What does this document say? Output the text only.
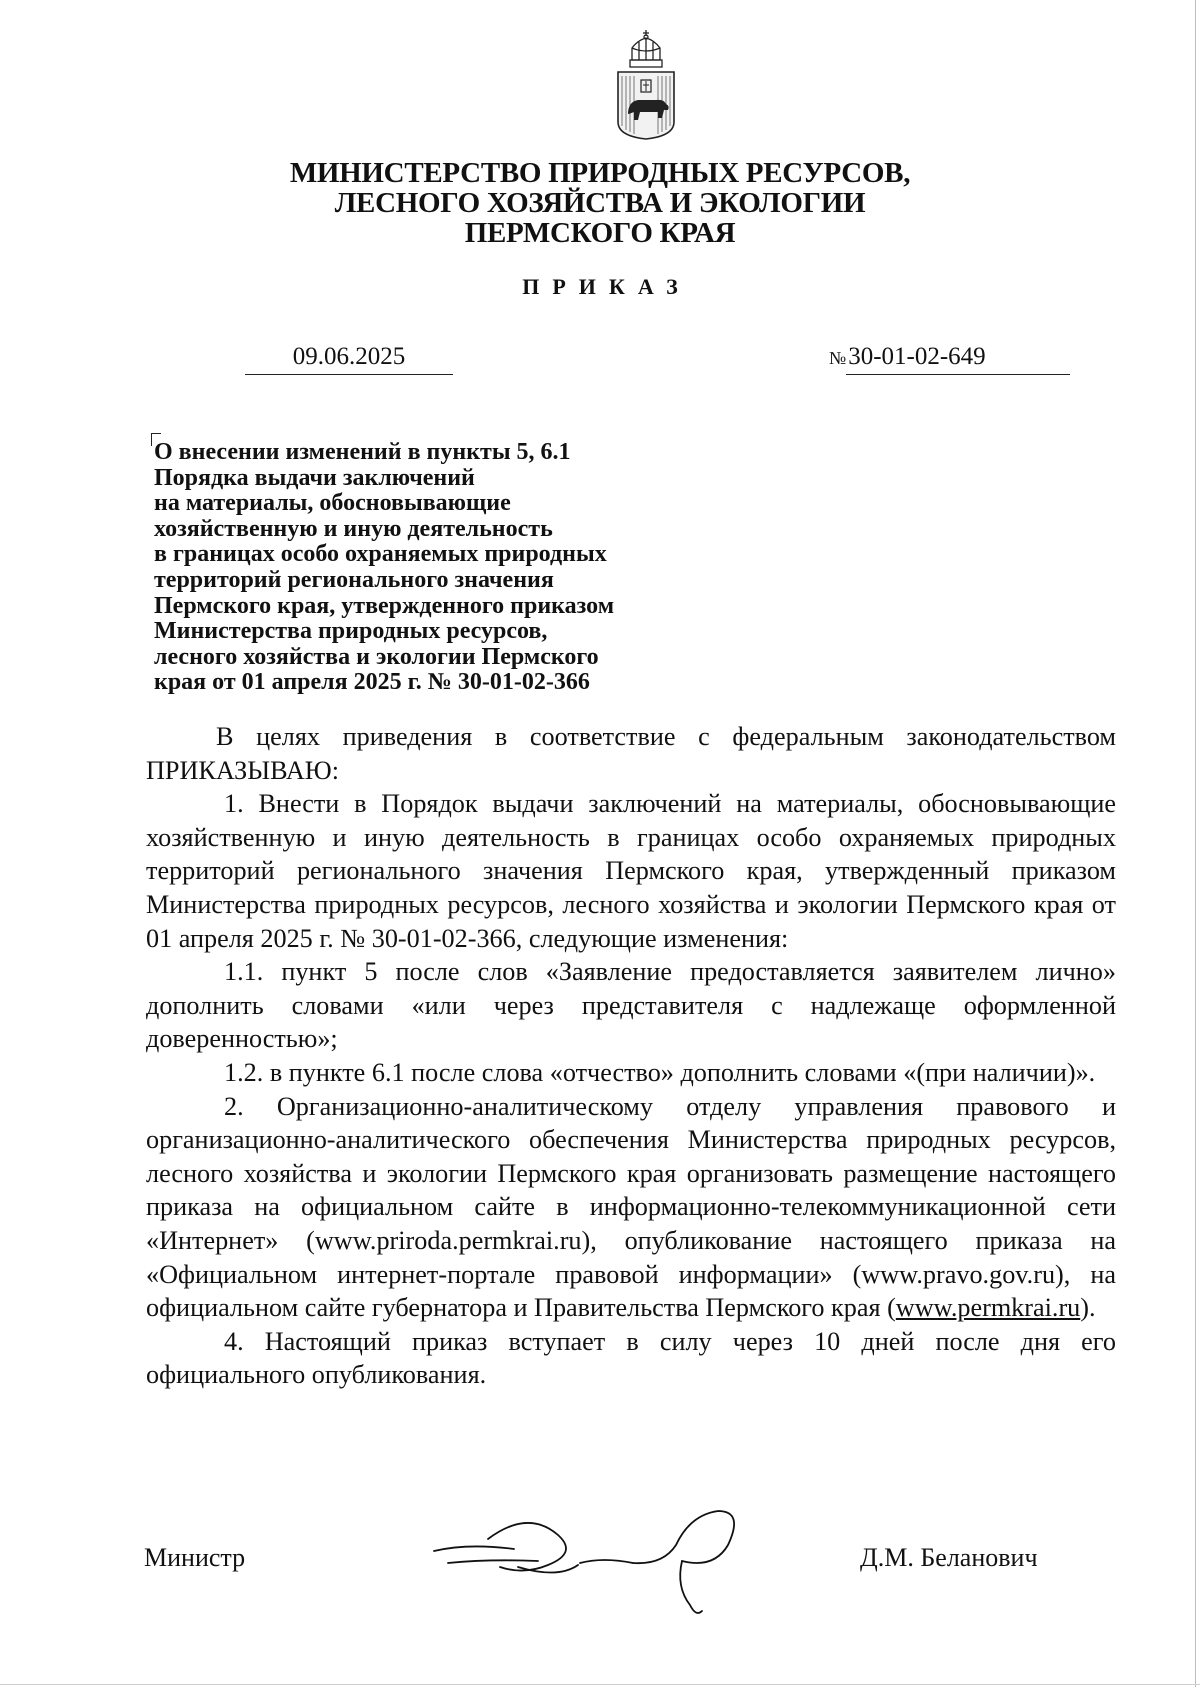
МИНИСТЕРСТВО ПРИРОДНЫХ РЕСУРСОВ,
ЛЕСНОГО ХОЗЯЙСТВА И ЭКОЛОГИИ
ПЕРМСКОГО КРАЯ
ПРИКАЗ
09.06.2025	№30-01-02-649
О внесении изменений в пункты 5, 6.1
Порядка выдачи заключений
на материалы, обосновывающие
хозяйственную и иную деятельность
в границах особо охраняемых природных
территорий регионального значения
Пермского края, утвержденного приказом
Министерства природных ресурсов,
лесного хозяйства и экологии Пермского
края от 01 апреля 2025 г. № 30-01-02-366

В целях приведения в соответствие с федеральным законодательством ПРИКАЗЫВАЮ:

1. Внести в Порядок выдачи заключений на материалы, обосновывающие хозяйственную и иную деятельность в границах особо охраняемых природных территорий регионального значения Пермского края, утвержденный приказом Министерства природных ресурсов, лесного хозяйства и экологии Пермского края от 01 апреля 2025 г. № 30-01-02-366, следующие изменения:

1.1. пункт 5 после слов «Заявление предоставляется заявителем лично» дополнить словами «или через представителя с надлежаще оформленной доверенностью»;

1.2. в пункте 6.1 после слова «отчество» дополнить словами «(при наличии)».

2. Организационно-аналитическому отделу управления правового и организационно-аналитического обеспечения Министерства природных ресурсов, лесного хозяйства и экологии Пермского края организовать размещение настоящего приказа на официальном сайте в информационно-телекоммуникационной сети «Интернет» (www.priroda.permkrai.ru), опубликование настоящего приказа на «Официальном интернет-портале правовой информации» (www.pravo.gov.ru), на официальном сайте губернатора и Правительства Пермского края (www.permkrai.ru).

4. Настоящий приказ вступает в силу через 10 дней после дня его официального опубликования.

Министр	Д.М. Беланович
